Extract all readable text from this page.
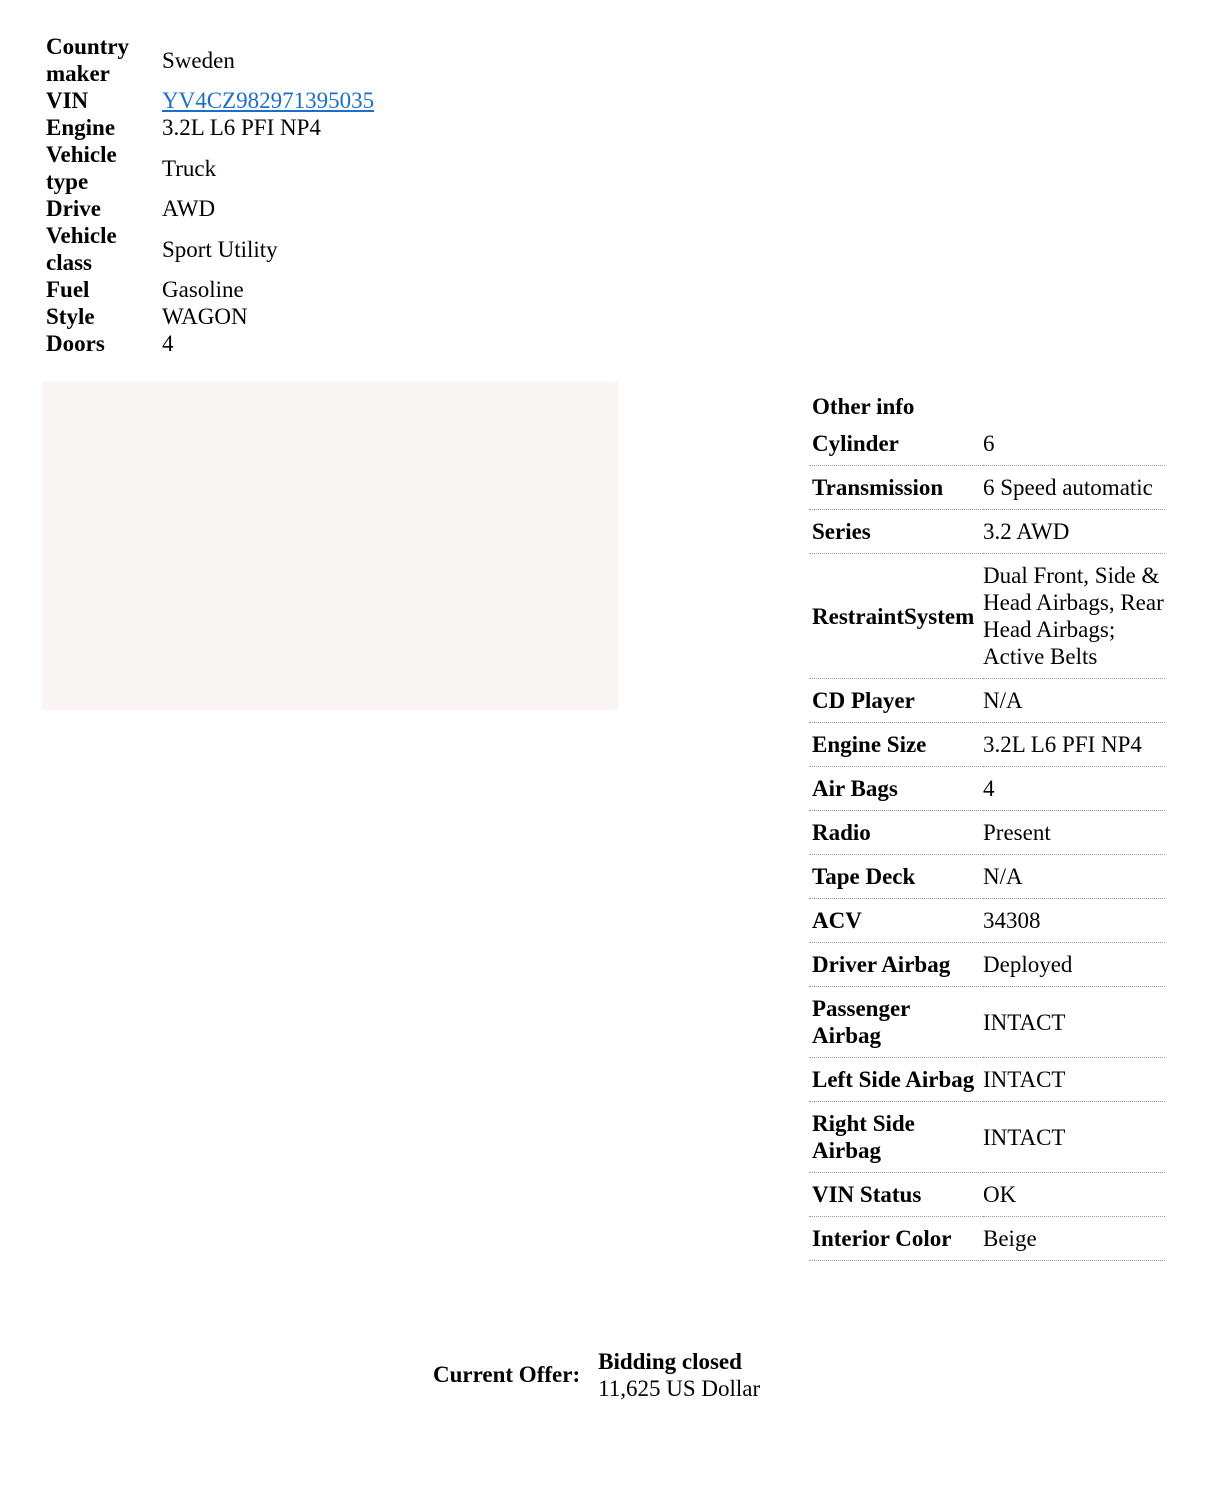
Country maker	Sweden
VIN	YV4CZ982971395035
Engine	3.2L L6 PFI NP4
Vehicle type	Truck
Drive	AWD
Vehicle class	Sport Utility
Fuel	Gasoline
Style	WAGON
Doors	4
Other info	
Cylinder	6
Transmission	6 Speed automatic
Series	3.2 AWD
RestraintSystem	Dual Front, Side & Head Airbags, Rear Head Airbags; Active Belts
CD Player	N/A
Engine Size	3.2L L6 PFI NP4
Air Bags	4
Radio	Present
Tape Deck	N/A
ACV	34308
Driver Airbag	Deployed
Passenger Airbag	INTACT
Left Side Airbag	INTACT
Right Side Airbag	INTACT
VIN Status	OK
Interior Color	Beige
Current Offer:
Bidding closed
11,625 US Dollar
